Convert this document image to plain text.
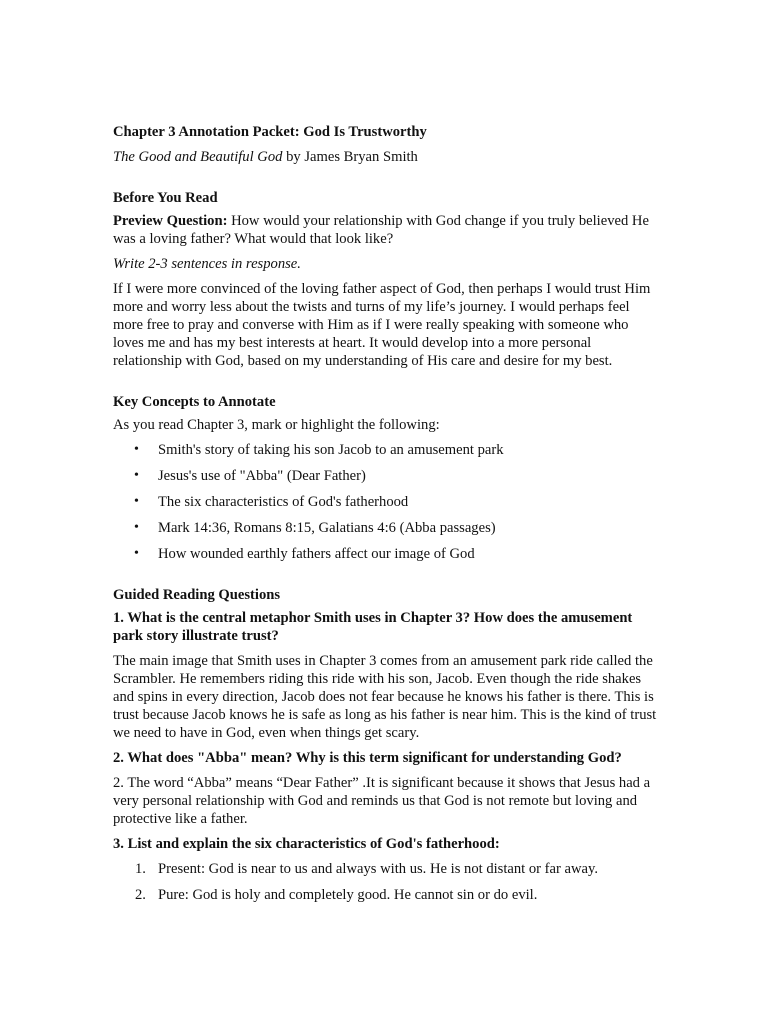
Chapter 3 Annotation Packet: God Is Trustworthy

The Good and Beautiful God by James Bryan Smith

Before You Read

Preview Question: How would your relationship with God change if you truly believed He was a loving father? What would that look like?

Write 2-3 sentences in response.

If I were more convinced of the loving father aspect of God, then perhaps I would trust Him more and worry less about the twists and turns of my life’s journey. I would perhaps feel more free to pray and converse with Him as if I were really speaking with someone who loves me and has my best interests at heart. It would develop into a more personal relationship with God, based on my understanding of His care and desire for my best.

Key Concepts to Annotate

As you read Chapter 3, mark or highlight the following:

• Smith's story of taking his son Jacob to an amusement park
• Jesus's use of "Abba" (Dear Father)
• The six characteristics of God's fatherhood
• Mark 14:36, Romans 8:15, Galatians 4:6 (Abba passages)
• How wounded earthly fathers affect our image of God

Guided Reading Questions

1. What is the central metaphor Smith uses in Chapter 3? How does the amusement park story illustrate trust?

The main image that Smith uses in Chapter 3 comes from an amusement park ride called the Scrambler. He remembers riding this ride with his son, Jacob. Even though the ride shakes and spins in every direction, Jacob does not fear because he knows his father is there. This is trust because Jacob knows he is safe as long as his father is near him. This is the kind of trust we need to have in God, even when things get scary.

2. What does "Abba" mean? Why is this term significant for understanding God?

2. The word “Abba” means “Dear Father” .It is significant because it shows that Jesus had a very personal relationship with God and reminds us that God is not remote but loving and protective like a father.

3. List and explain the six characteristics of God's fatherhood:

1. Present: God is near to us and always with us. He is not distant or far away.
2. Pure: God is holy and completely good. He cannot sin or do evil.
